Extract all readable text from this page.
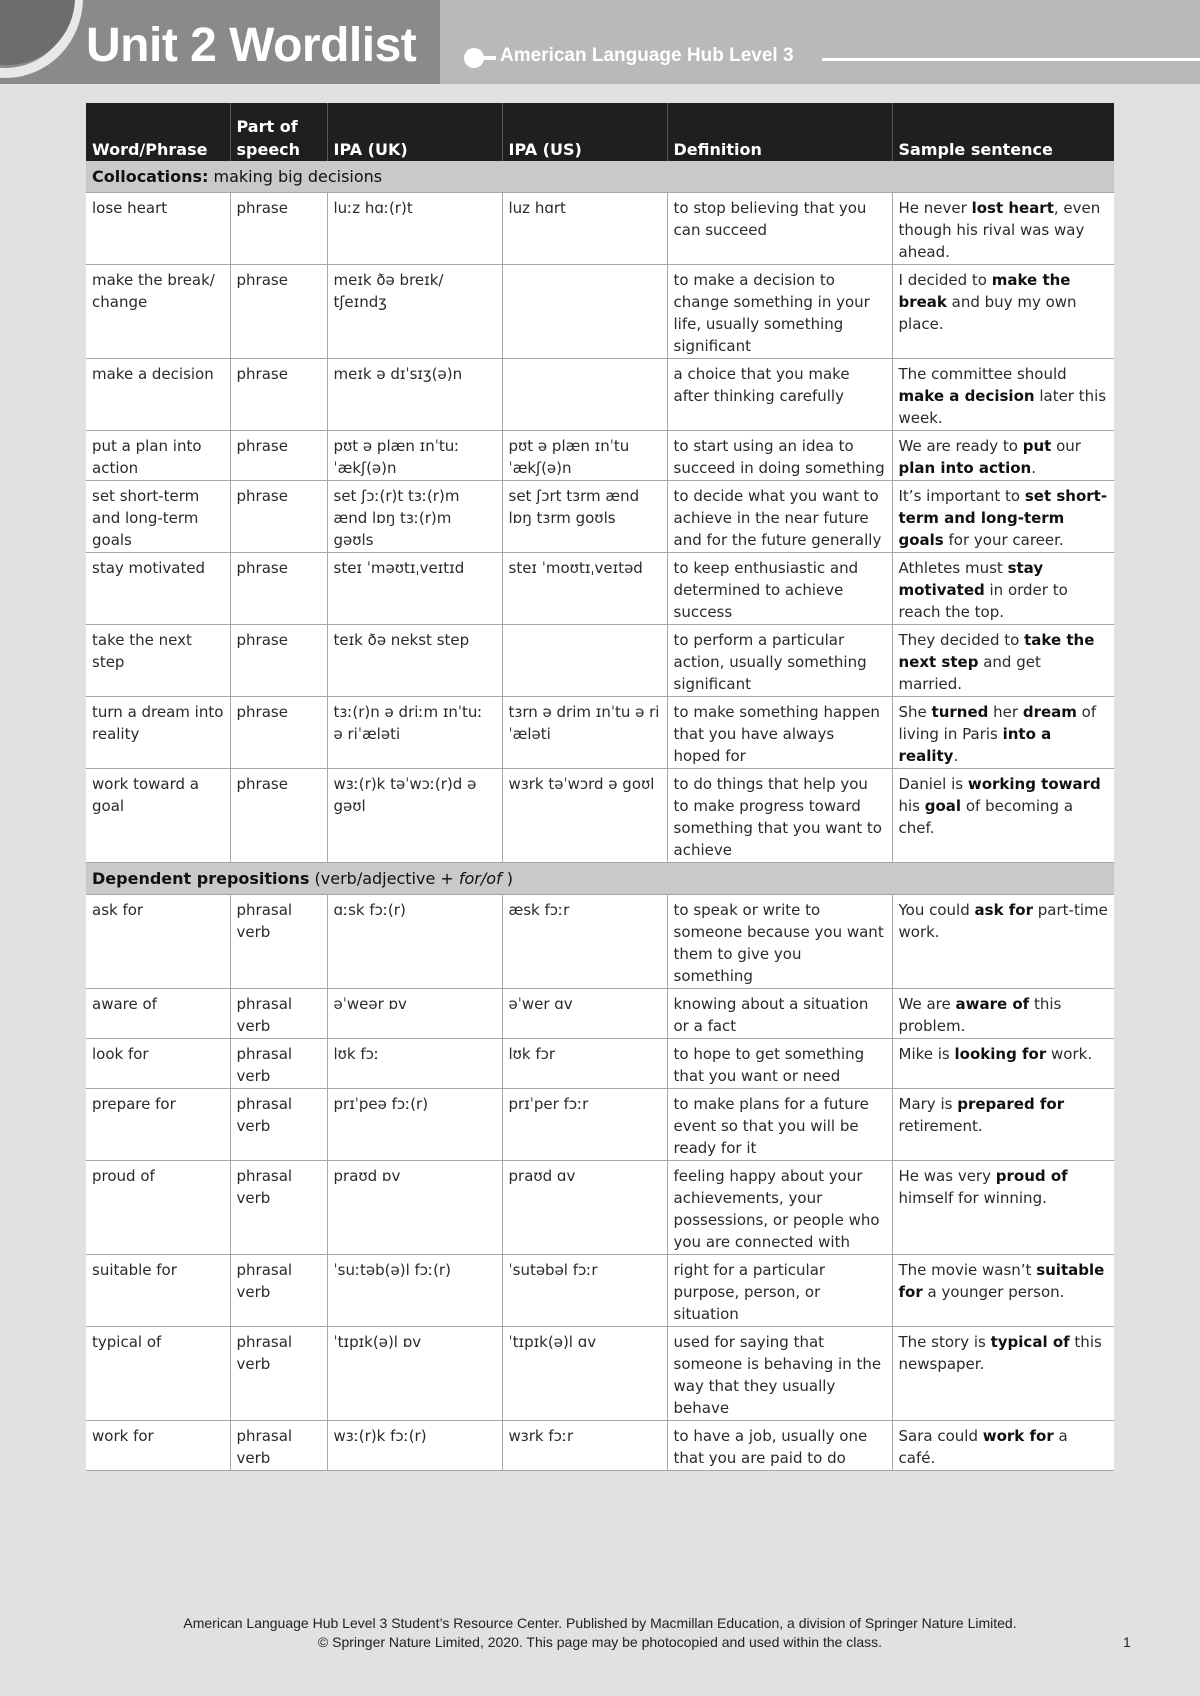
Unit 2 Wordlist	American Language Hub Level 3
Word/Phrase	Part of speech	IPA (UK)	IPA (US)	Definition	Sample sentence
Collocations: making big decisions					
lose heart	phrase	luːz hɑː(r)t	luz hɑrt	to stop believing that you can succeed	He never lost heart, even though his rival was way ahead.
make the break/ change	phrase	meɪk ðə breɪk/ tʃeɪndʒ		to make a decision to change something in your life, usually something significant	I decided to make the break and buy my own place.
make a decision	phrase	meɪk ə dɪˈsɪʒ(ə)n		a choice that you make after thinking carefully	The committee should make a decision later this week.
put a plan into action	phrase	pʊt ə plæn ɪnˈtuː ˈækʃ(ə)n	pʊt ə plæn ɪnˈtu ˈækʃ(ə)n	to start using an idea to succeed in doing something	We are ready to put our plan into action.
set short-term and long-term goals	phrase	set ʃɔː(r)t tɜː(r)m ænd lɒŋ tɜː(r)m gəʊls	set ʃɔrt tɜrm ænd lɒŋ tɜrm goʊls	to decide what you want to achieve in the near future and for the future generally	It’s important to set short-term and long-term goals for your career.
stay motivated	phrase	steɪ ˈməʊtɪˌveɪtɪd	steɪ ˈmoʊtɪˌveɪtəd	to keep enthusiastic and determined to achieve success	Athletes must stay motivated in order to reach the top.
take the next step	phrase	teɪk ðə nekst step		to perform a particular action, usually something significant	They decided to take the next step and get married.
turn a dream into reality	phrase	tɜː(r)n ə driːm ɪnˈtuː ə riˈæləti	tɜrn ə drim ɪnˈtu ə riˈæləti	to make something happen that you have always hoped for	She turned her dream of living in Paris into a reality.
work toward a goal	phrase	wɜː(r)k təˈwɔː(r)d ə gəʊl	wɜrk təˈwɔrd ə goʊl	to do things that help you to make progress toward something that you want to achieve	Daniel is working toward his goal of becoming a chef.
Dependent prepositions (verb/adjective + for/of )					
ask for	phrasal verb	ɑːsk fɔː(r)	æsk fɔːr	to speak or write to someone because you want them to give you something	You could ask for part-time work.
aware of	phrasal verb	əˈweər ɒv	əˈwer ɑv	knowing about a situation or a fact	We are aware of this problem.
look for	phrasal verb	lʊk fɔː	lʊk fɔr	to hope to get something that you want or need	Mike is looking for work.
prepare for	phrasal verb	prɪˈpeə fɔː(r)	prɪˈper fɔːr	to make plans for a future event so that you will be ready for it	Mary is prepared for retirement.
proud of	phrasal verb	praʊd ɒv	praʊd ɑv	feeling happy about your achievements, your possessions, or people who you are connected with	He was very proud of himself for winning.
suitable for	phrasal verb	ˈsuːtəb(ə)l fɔː(r)	ˈsutəbəl fɔːr	right for a particular purpose, person, or situation	The movie wasn’t suitable for a younger person.
typical of	phrasal verb	ˈtɪpɪk(ə)l ɒv	ˈtɪpɪk(ə)l ɑv	used for saying that someone is behaving in the way that they usually behave	The story is typical of this newspaper.
work for	phrasal verb	wɜː(r)k fɔː(r)	wɜrk fɔːr	to have a job, usually one that you are paid to do	Sara could work for a café.
American Language Hub Level 3 Student’s Resource Center. Published by Macmillan Education, a division of Springer Nature Limited.
© Springer Nature Limited, 2020. This page may be photocopied and used within the class.	1
